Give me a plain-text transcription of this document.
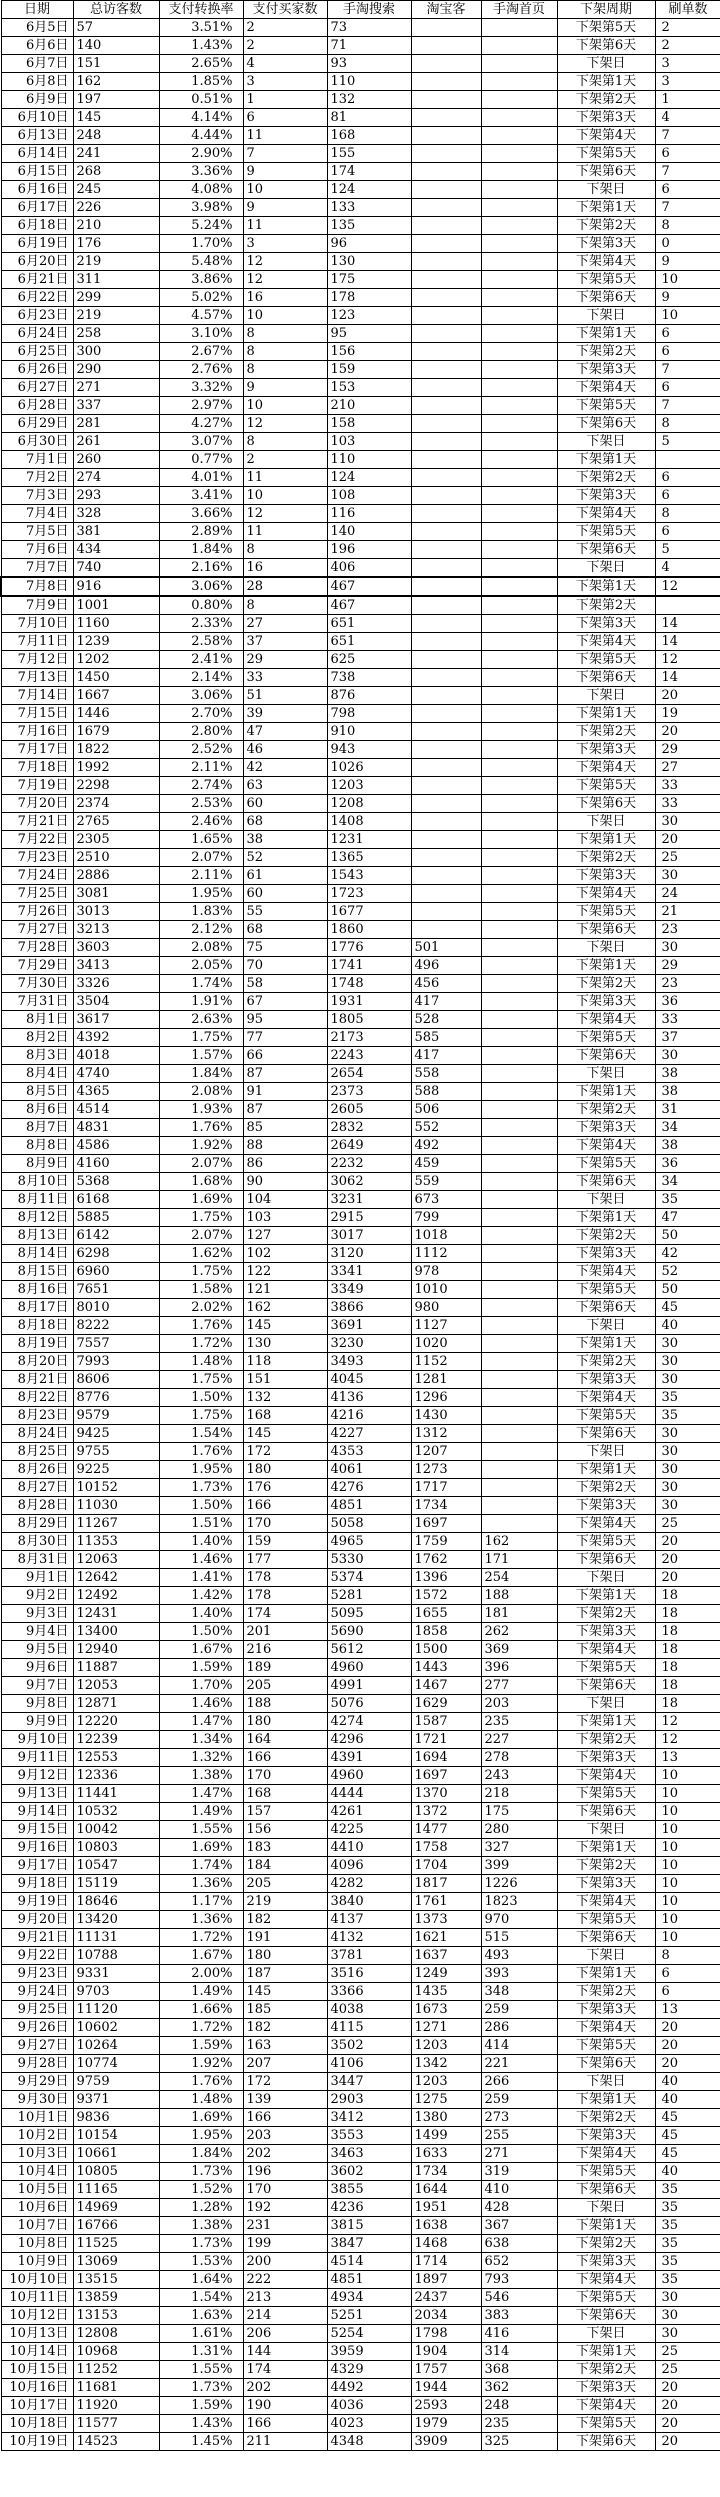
日期	总访客数	支付转换率	支付买家数	手淘搜索	淘宝客	手淘首页	下架周期	刷单数
6月5日	57	3.51%	2	73			下架第5天	2
6月6日	140	1.43%	2	71			下架第6天	2
6月7日	151	2.65%	4	93			下架日	3
6月8日	162	1.85%	3	110			下架第1天	3
6月9日	197	0.51%	1	132			下架第2天	1
6月10日	145	4.14%	6	81			下架第3天	4
6月13日	248	4.44%	11	168			下架第4天	7
6月14日	241	2.90%	7	155			下架第5天	6
6月15日	268	3.36%	9	174			下架第6天	7
6月16日	245	4.08%	10	124			下架日	6
6月17日	226	3.98%	9	133			下架第1天	7
6月18日	210	5.24%	11	135			下架第2天	8
6月19日	176	1.70%	3	96			下架第3天	0
6月20日	219	5.48%	12	130			下架第4天	9
6月21日	311	3.86%	12	175			下架第5天	10
6月22日	299	5.02%	16	178			下架第6天	9
6月23日	219	4.57%	10	123			下架日	10
6月24日	258	3.10%	8	95			下架第1天	6
6月25日	300	2.67%	8	156			下架第2天	6
6月26日	290	2.76%	8	159			下架第3天	7
6月27日	271	3.32%	9	153			下架第4天	6
6月28日	337	2.97%	10	210			下架第5天	7
6月29日	281	4.27%	12	158			下架第6天	8
6月30日	261	3.07%	8	103			下架日	5
7月1日	260	0.77%	2	110			下架第1天	
7月2日	274	4.01%	11	124			下架第2天	6
7月3日	293	3.41%	10	108			下架第3天	6
7月4日	328	3.66%	12	116			下架第4天	8
7月5日	381	2.89%	11	140			下架第5天	6
7月6日	434	1.84%	8	196			下架第6天	5
7月7日	740	2.16%	16	406			下架日	4
7月8日	916	3.06%	28	467			下架第1天	12
7月9日	1001	0.80%	8	467			下架第2天	
7月10日	1160	2.33%	27	651			下架第3天	14
7月11日	1239	2.58%	37	651			下架第4天	14
7月12日	1202	2.41%	29	625			下架第5天	12
7月13日	1450	2.14%	33	738			下架第6天	14
7月14日	1667	3.06%	51	876			下架日	20
7月15日	1446	2.70%	39	798			下架第1天	19
7月16日	1679	2.80%	47	910			下架第2天	20
7月17日	1822	2.52%	46	943			下架第3天	29
7月18日	1992	2.11%	42	1026			下架第4天	27
7月19日	2298	2.74%	63	1203			下架第5天	33
7月20日	2374	2.53%	60	1208			下架第6天	33
7月21日	2765	2.46%	68	1408			下架日	30
7月22日	2305	1.65%	38	1231			下架第1天	20
7月23日	2510	2.07%	52	1365			下架第2天	25
7月24日	2886	2.11%	61	1543			下架第3天	30
7月25日	3081	1.95%	60	1723			下架第4天	24
7月26日	3013	1.83%	55	1677			下架第5天	21
7月27日	3213	2.12%	68	1860			下架第6天	23
7月28日	3603	2.08%	75	1776	501		下架日	30
7月29日	3413	2.05%	70	1741	496		下架第1天	29
7月30日	3326	1.74%	58	1748	456		下架第2天	23
7月31日	3504	1.91%	67	1931	417		下架第3天	36
8月1日	3617	2.63%	95	1805	528		下架第4天	33
8月2日	4392	1.75%	77	2173	585		下架第5天	37
8月3日	4018	1.57%	66	2243	417		下架第6天	30
8月4日	4740	1.84%	87	2654	558		下架日	38
8月5日	4365	2.08%	91	2373	588		下架第1天	38
8月6日	4514	1.93%	87	2605	506		下架第2天	31
8月7日	4831	1.76%	85	2832	552		下架第3天	34
8月8日	4586	1.92%	88	2649	492		下架第4天	38
8月9日	4160	2.07%	86	2232	459		下架第5天	36
8月10日	5368	1.68%	90	3062	559		下架第6天	34
8月11日	6168	1.69%	104	3231	673		下架日	35
8月12日	5885	1.75%	103	2915	799		下架第1天	47
8月13日	6142	2.07%	127	3017	1018		下架第2天	50
8月14日	6298	1.62%	102	3120	1112		下架第3天	42
8月15日	6960	1.75%	122	3341	978		下架第4天	52
8月16日	7651	1.58%	121	3349	1010		下架第5天	50
8月17日	8010	2.02%	162	3866	980		下架第6天	45
8月18日	8222	1.76%	145	3691	1127		下架日	40
8月19日	7557	1.72%	130	3230	1020		下架第1天	30
8月20日	7993	1.48%	118	3493	1152		下架第2天	30
8月21日	8606	1.75%	151	4045	1281		下架第3天	30
8月22日	8776	1.50%	132	4136	1296		下架第4天	35
8月23日	9579	1.75%	168	4216	1430		下架第5天	35
8月24日	9425	1.54%	145	4227	1312		下架第6天	30
8月25日	9755	1.76%	172	4353	1207		下架日	30
8月26日	9225	1.95%	180	4061	1273		下架第1天	30
8月27日	10152	1.73%	176	4276	1717		下架第2天	30
8月28日	11030	1.50%	166	4851	1734		下架第3天	30
8月29日	11267	1.51%	170	5058	1697		下架第4天	25
8月30日	11353	1.40%	159	4965	1759	162	下架第5天	20
8月31日	12063	1.46%	177	5330	1762	171	下架第6天	20
9月1日	12642	1.41%	178	5374	1396	254	下架日	20
9月2日	12492	1.42%	178	5281	1572	188	下架第1天	18
9月3日	12431	1.40%	174	5095	1655	181	下架第2天	18
9月4日	13400	1.50%	201	5690	1858	262	下架第3天	18
9月5日	12940	1.67%	216	5612	1500	369	下架第4天	18
9月6日	11887	1.59%	189	4960	1443	396	下架第5天	18
9月7日	12053	1.70%	205	4991	1467	277	下架第6天	18
9月8日	12871	1.46%	188	5076	1629	203	下架日	18
9月9日	12220	1.47%	180	4274	1587	235	下架第1天	12
9月10日	12239	1.34%	164	4296	1721	227	下架第2天	12
9月11日	12553	1.32%	166	4391	1694	278	下架第3天	13
9月12日	12336	1.38%	170	4960	1697	243	下架第4天	10
9月13日	11441	1.47%	168	4444	1370	218	下架第5天	10
9月14日	10532	1.49%	157	4261	1372	175	下架第6天	10
9月15日	10042	1.55%	156	4225	1477	280	下架日	10
9月16日	10803	1.69%	183	4410	1758	327	下架第1天	10
9月17日	10547	1.74%	184	4096	1704	399	下架第2天	10
9月18日	15119	1.36%	205	4282	1817	1226	下架第3天	10
9月19日	18646	1.17%	219	3840	1761	1823	下架第4天	10
9月20日	13420	1.36%	182	4137	1373	970	下架第5天	10
9月21日	11131	1.72%	191	4132	1621	515	下架第6天	10
9月22日	10788	1.67%	180	3781	1637	493	下架日	8
9月23日	9331	2.00%	187	3516	1249	393	下架第1天	6
9月24日	9703	1.49%	145	3366	1435	348	下架第2天	6
9月25日	11120	1.66%	185	4038	1673	259	下架第3天	13
9月26日	10602	1.72%	182	4115	1271	286	下架第4天	20
9月27日	10264	1.59%	163	3502	1203	414	下架第5天	20
9月28日	10774	1.92%	207	4106	1342	221	下架第6天	20
9月29日	9759	1.76%	172	3447	1203	266	下架日	40
9月30日	9371	1.48%	139	2903	1275	259	下架第1天	40
10月1日	9836	1.69%	166	3412	1380	273	下架第2天	45
10月2日	10154	1.95%	203	3553	1499	255	下架第3天	45
10月3日	10661	1.84%	202	3463	1633	271	下架第4天	45
10月4日	10805	1.73%	196	3602	1734	319	下架第5天	40
10月5日	11165	1.52%	170	3855	1644	410	下架第6天	35
10月6日	14969	1.28%	192	4236	1951	428	下架日	35
10月7日	16766	1.38%	231	3815	1638	367	下架第1天	35
10月8日	11525	1.73%	199	3847	1468	638	下架第2天	35
10月9日	13069	1.53%	200	4514	1714	652	下架第3天	35
10月10日	13515	1.64%	222	4851	1897	793	下架第4天	35
10月11日	13859	1.54%	213	4934	2437	546	下架第5天	30
10月12日	13153	1.63%	214	5251	2034	383	下架第6天	30
10月13日	12808	1.61%	206	5254	1798	416	下架日	30
10月14日	10968	1.31%	144	3959	1904	314	下架第1天	25
10月15日	11252	1.55%	174	4329	1757	368	下架第2天	25
10月16日	11681	1.73%	202	4492	1944	362	下架第3天	20
10月17日	11920	1.59%	190	4036	2593	248	下架第4天	20
10月18日	11577	1.43%	166	4023	1979	235	下架第5天	20
10月19日	14523	1.45%	211	4348	3909	325	下架第6天	20
